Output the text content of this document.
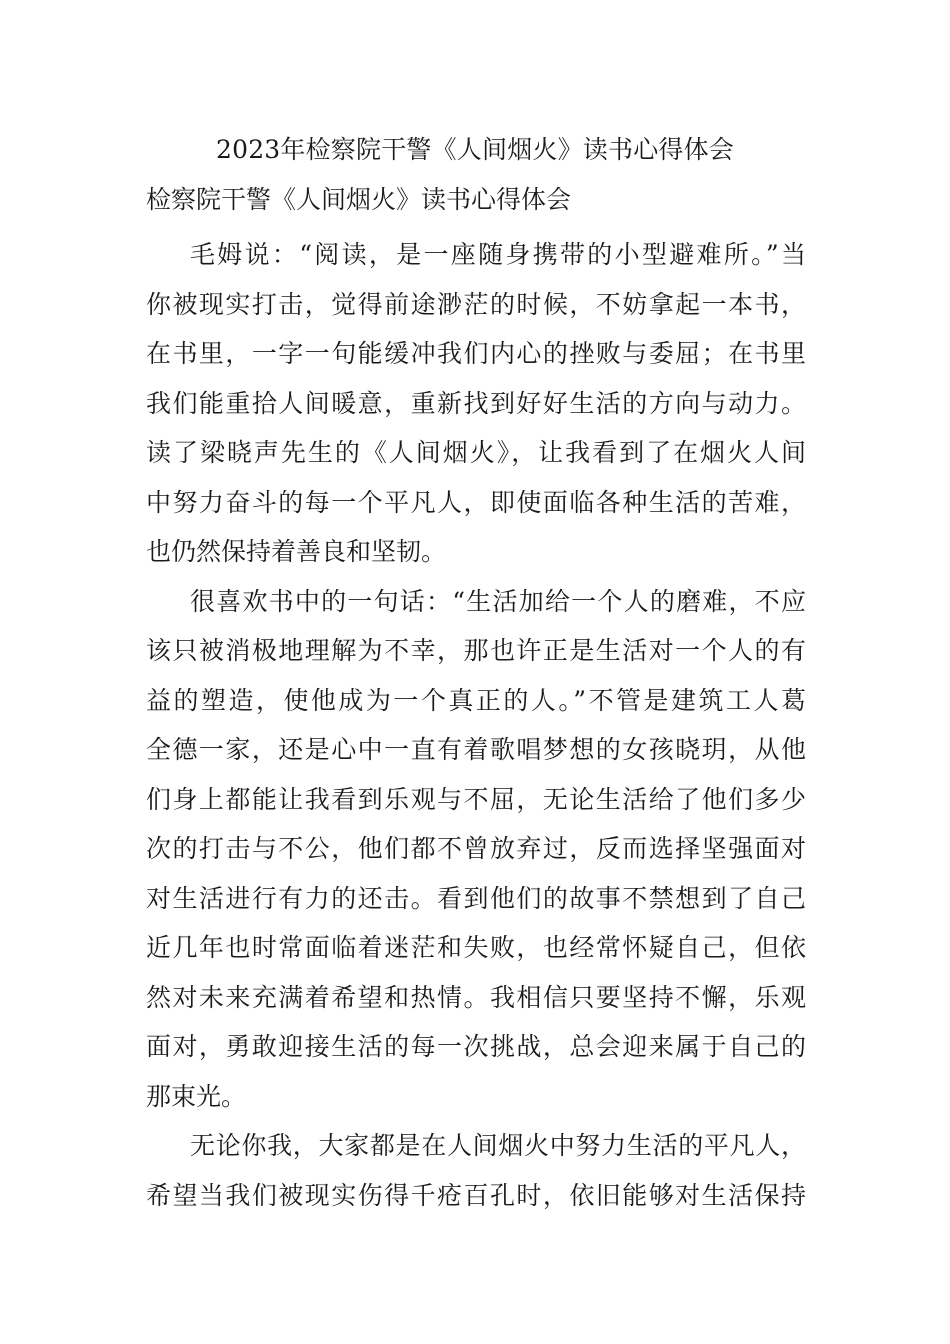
2023年检察院干警《人间烟火》读书心得体会
检察院干警《人间烟火》读书心得体会
毛姆说：“阅读，是一座随身携带的小型避难所。”当
你被现实打击，觉得前途渺茫的时候，不妨拿起一本书，
在书里，一字一句能缓冲我们内心的挫败与委屈；在书里
我们能重拾人间暖意，重新找到好好生活的方向与动力。
读了梁晓声先生的《人间烟火》，让我看到了在烟火人间
中努力奋斗的每一个平凡人，即使面临各种生活的苦难，
也仍然保持着善良和坚韧。
很喜欢书中的一句话：“生活加给一个人的磨难，不应
该只被消极地理解为不幸，那也许正是生活对一个人的有
益的塑造，使他成为一个真正的人。”不管是建筑工人葛
全德一家，还是心中一直有着歌唱梦想的女孩晓玥，从他
们身上都能让我看到乐观与不屈，无论生活给了他们多少
次的打击与不公，他们都不曾放弃过，反而选择坚强面对
对生活进行有力的还击。看到他们的故事不禁想到了自己
近几年也时常面临着迷茫和失败，也经常怀疑自己，但依
然对未来充满着希望和热情。我相信只要坚持不懈，乐观
面对，勇敢迎接生活的每一次挑战，总会迎来属于自己的
那束光。
无论你我，大家都是在人间烟火中努力生活的平凡人，
希望当我们被现实伤得千疮百孔时，依旧能够对生活保持
